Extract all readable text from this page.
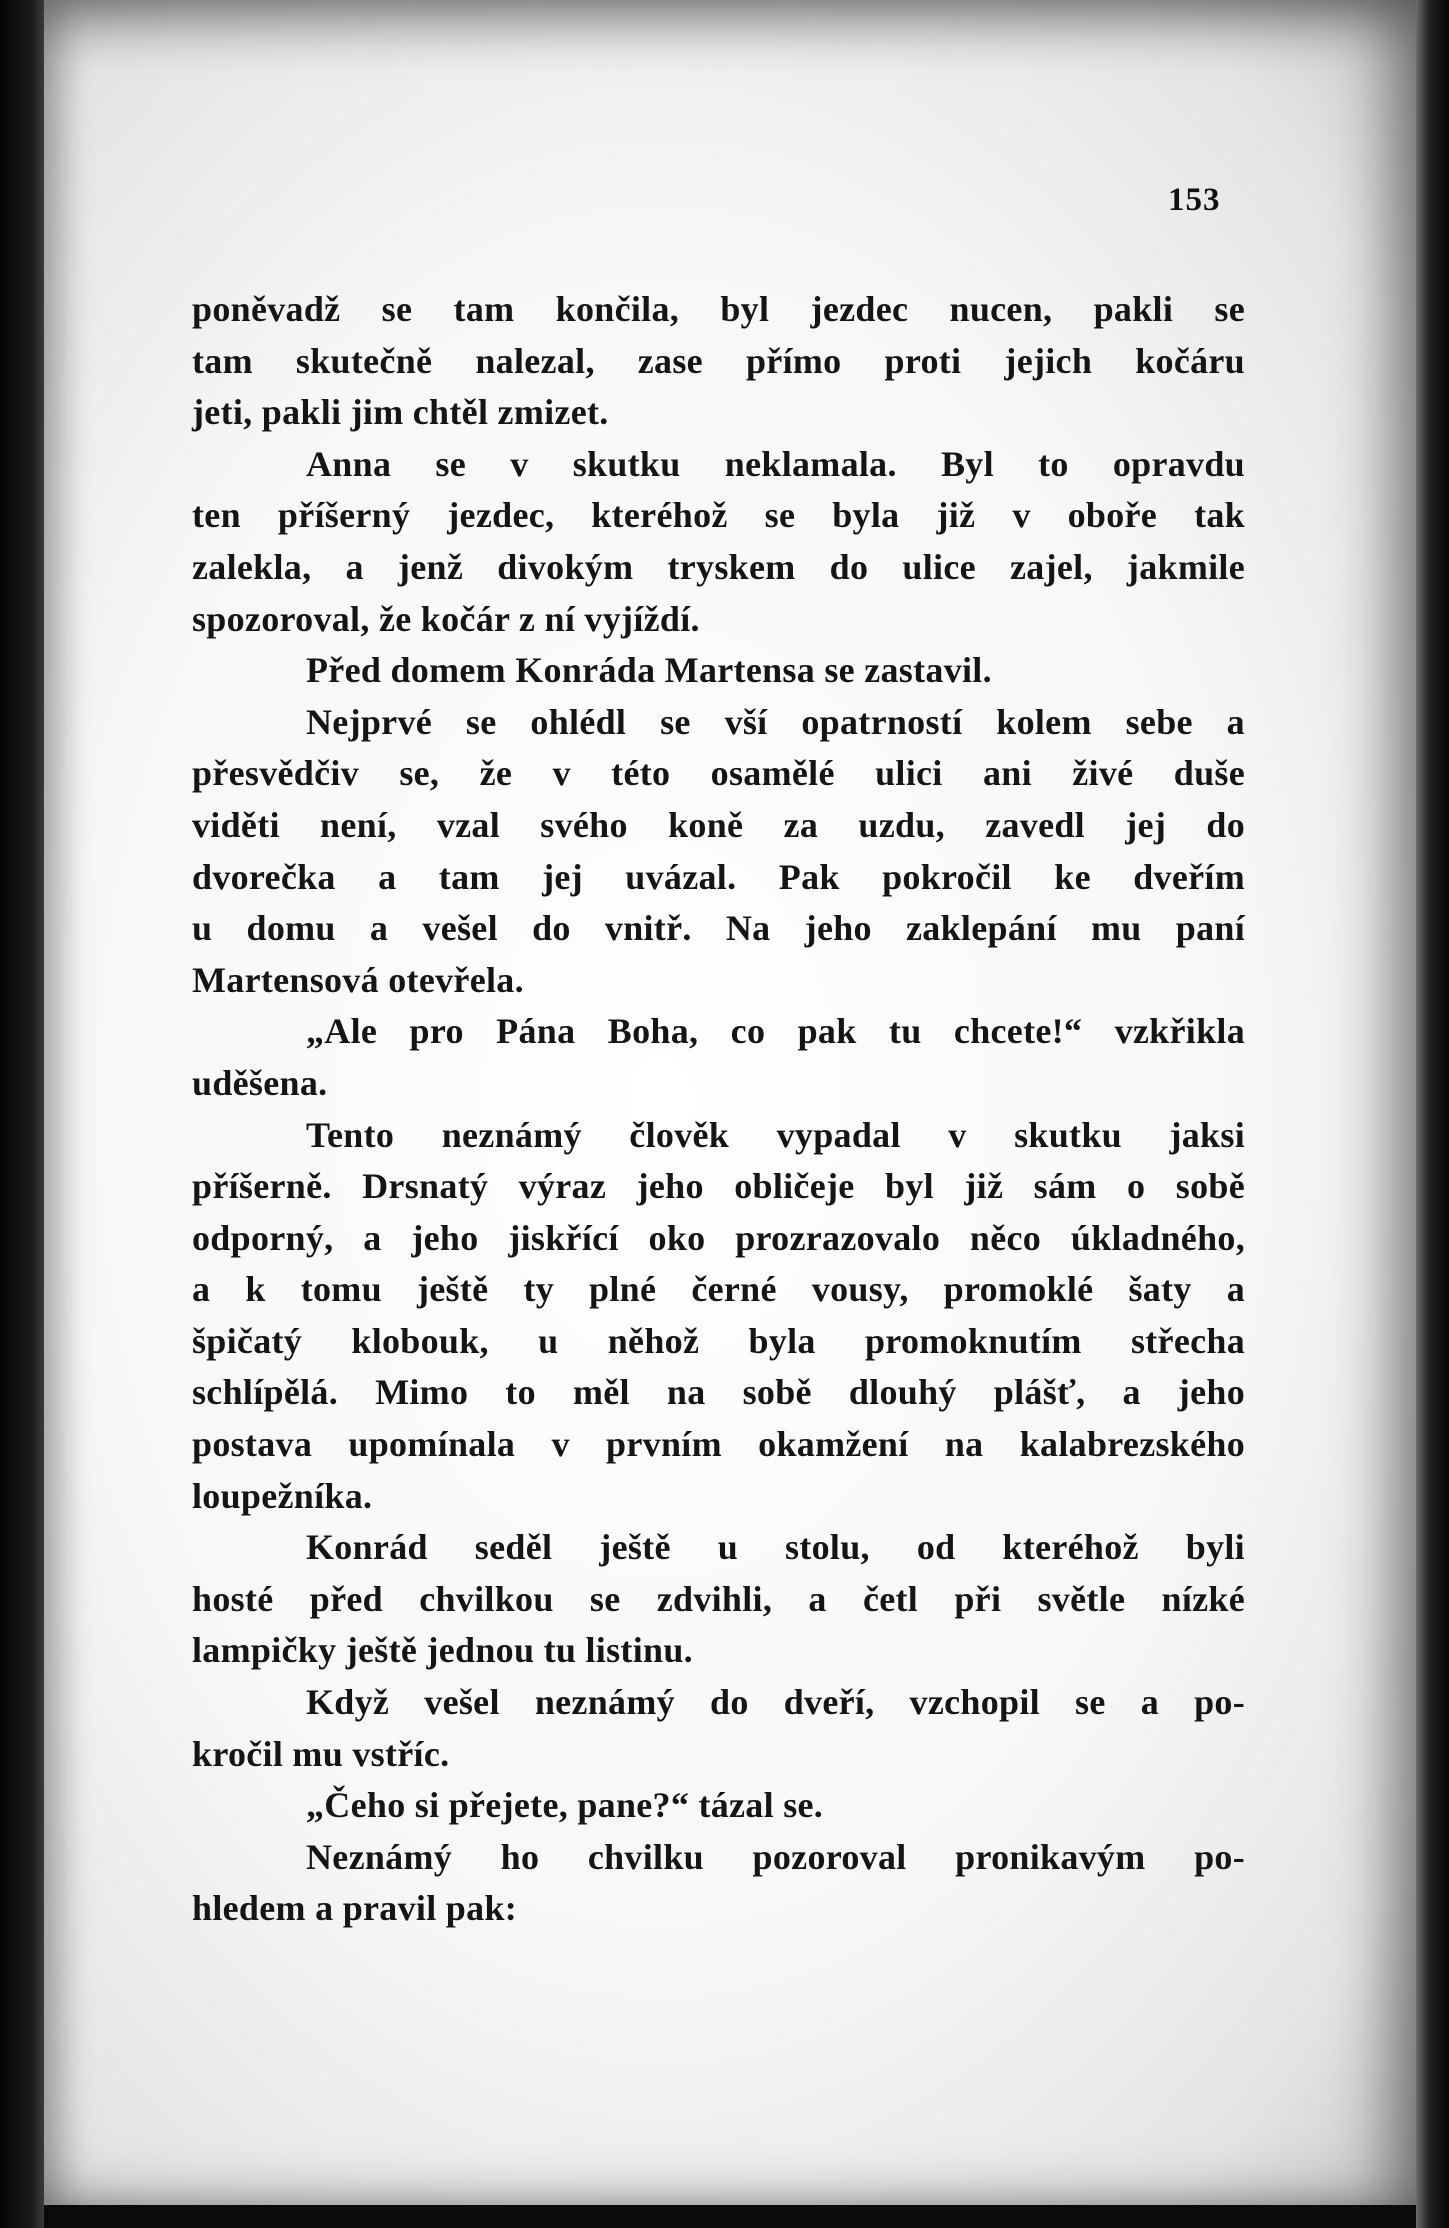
153
poněvadž se tam končila, byl jezdec nucen, pakli se
tam skutečně nalezal, zase přímo proti jejich kočáru
jeti, pakli jim chtěl zmizet.
Anna se v skutku neklamala. Byl to opravdu
ten příšerný jezdec, kteréhož se byla již v oboře tak
zalekla, a jenž divokým tryskem do ulice zajel, jakmile
spozoroval, že kočár z ní vyjíždí.
Před domem Konráda Martensa se zastavil.
Nejprvé se ohlédl se vší opatrností kolem sebe a
přesvědčiv se, že v této osamělé ulici ani živé duše
viděti není, vzal svého koně za uzdu, zavedl jej do
dvorečka a tam jej uvázal. Pak pokročil ke dveřím
u domu a vešel do vnitř. Na jeho zaklepání mu paní
Martensová otevřela.
„Ale pro Pána Boha, co pak tu chcete!“ vzkřikla
uděšena.
Tento neznámý člověk vypadal v skutku jaksi
příšerně. Drsnatý výraz jeho obličeje byl již sám o sobě
odporný, a jeho jiskřící oko prozrazovalo něco úkladného,
a k tomu ještě ty plné černé vousy, promoklé šaty a
špičatý klobouk, u něhož byla promoknutím střecha
schlípělá. Mimo to měl na sobě dlouhý plášť, a jeho
postava upomínala v prvním okamžení na kalabrezského
loupežníka.
Konrád seděl ještě u stolu, od kteréhož byli
hosté před chvilkou se zdvihli, a četl při světle nízké
lampičky ještě jednou tu listinu.
Když vešel neznámý do dveří, vzchopil se a po-
kročil mu vstříc.
„Čeho si přejete, pane?“ tázal se.
Neznámý ho chvilku pozoroval pronikavým po-
hledem a pravil pak:
